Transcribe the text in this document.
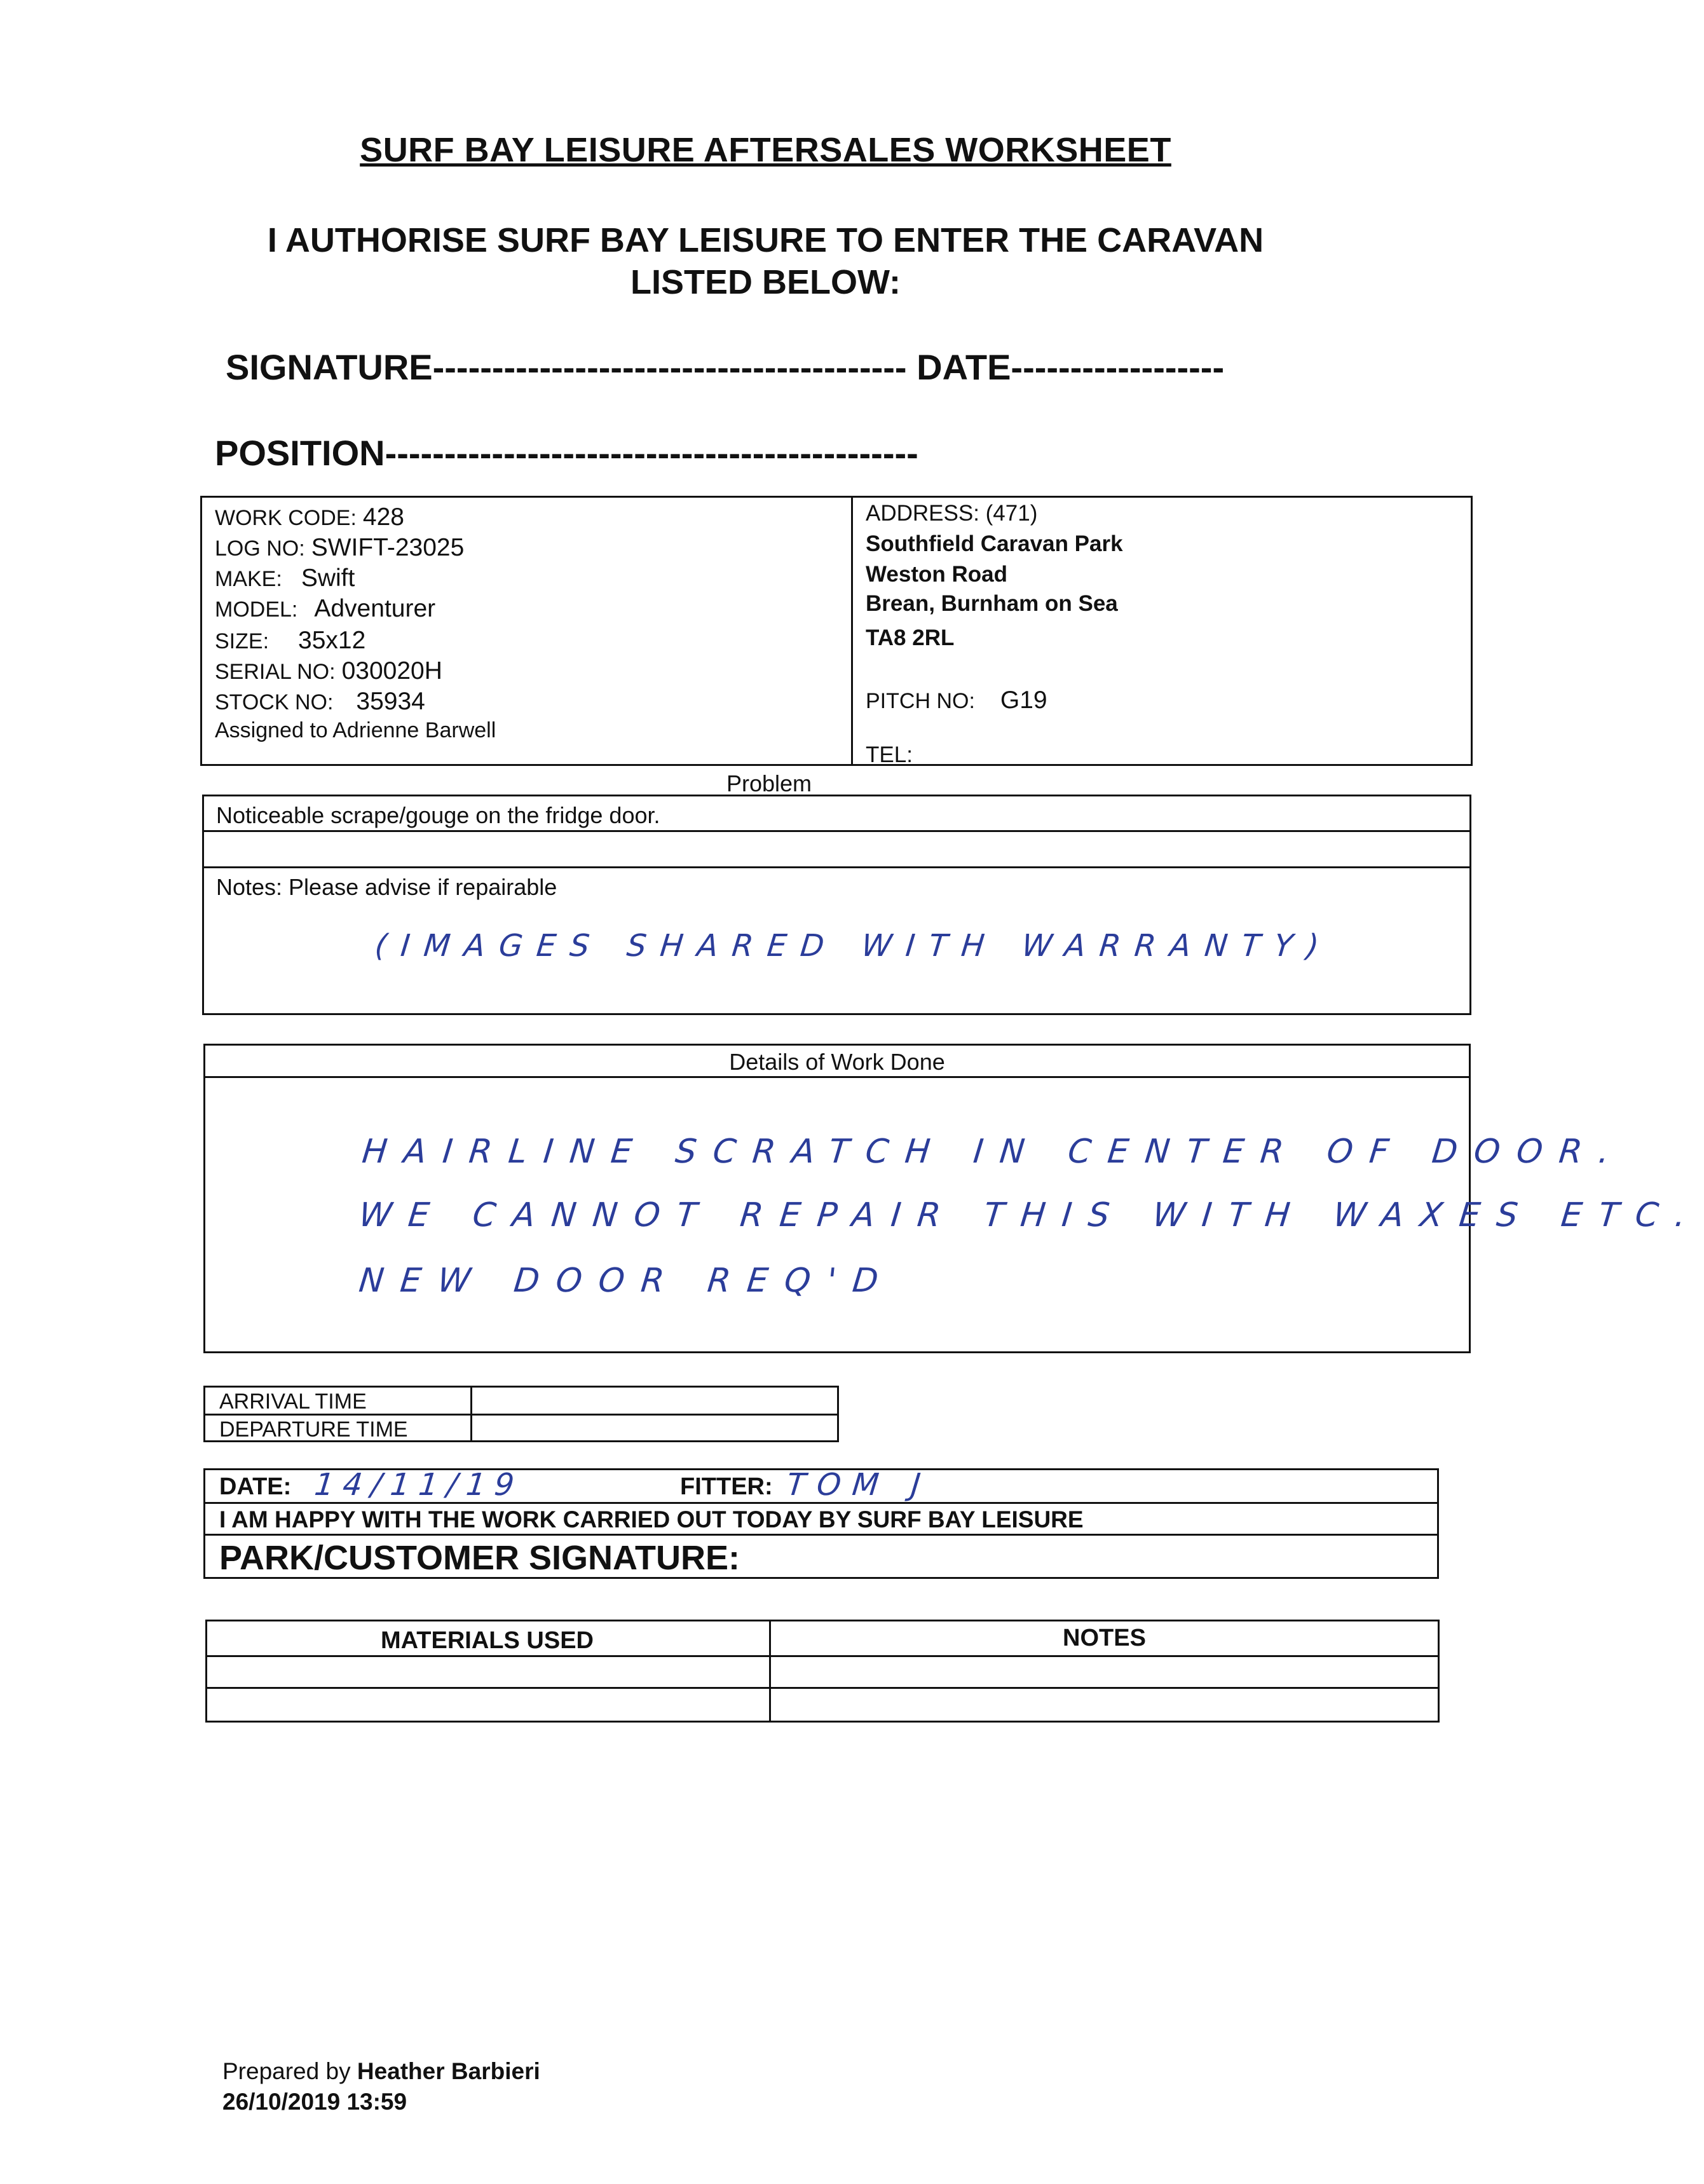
SURF BAY LEISURE AFTERSALES WORKSHEET
I AUTHORISE SURF BAY LEISURE TO ENTER THE CARAVAN
LISTED BELOW:
SIGNATURE---------------------------------------- DATE------------------
POSITION---------------------------------------------
WORK CODE: 428
LOG NO: SWIFT-23025
MAKE: Swift
MODEL: Adventurer
SIZE: 35x12
SERIAL NO: 030020H
STOCK NO: 35934
Assigned to Adrienne Barwell
ADDRESS: (471)
Southfield Caravan Park
Weston Road
Brean, Burnham on Sea
TA8 2RL
PITCH NO: G19
TEL:
Problem
Noticeable scrape/gouge on the fridge door.
Notes: Please advise if repairable
(IMAGES SHARED WITH WARRANTY)
Details of Work Done
HAIRLINE SCRATCH IN CENTER OF DOOR.
WE CANNOT REPAIR THIS WITH WAXES ETC.
NEW DOOR REQ'D
ARRIVAL TIME
DEPARTURE TIME
DATE: 14/11/19	FITTER: TOM J
I AM HAPPY WITH THE WORK CARRIED OUT TODAY BY SURF BAY LEISURE
PARK/CUSTOMER SIGNATURE:
MATERIALS USED	NOTES
Prepared by Heather Barbieri
26/10/2019 13:59
